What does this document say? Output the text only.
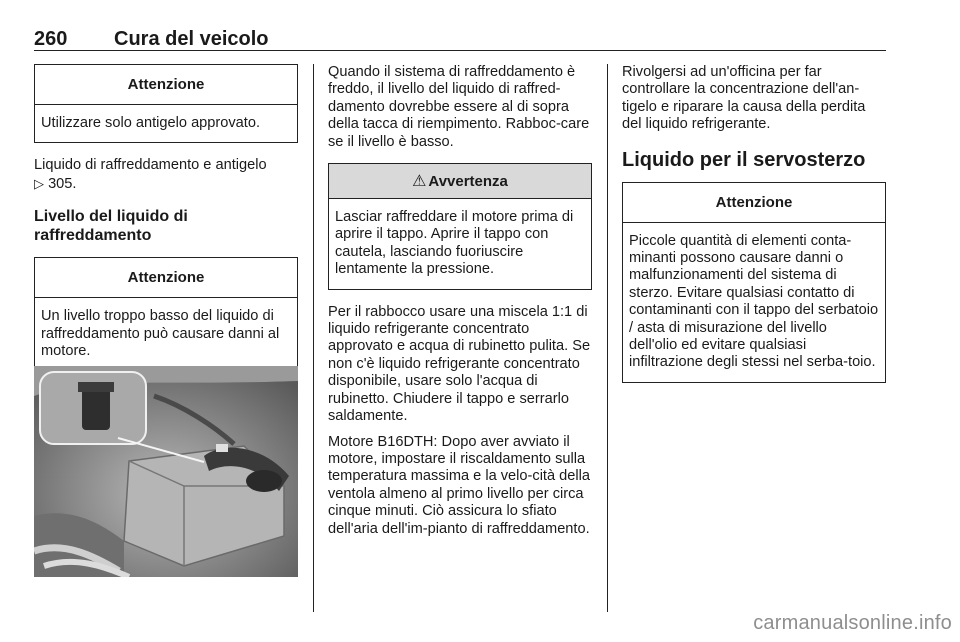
260 Cura del veicolo
Attenzione
Utilizzare solo antigelo approvato.

Liquido di raffreddamento e antigelo
▷ 305.

Livello del liquido di
raffreddamento
Attenzione
Un livello troppo basso del liquido di raffreddamento può causare danni al motore.

Quando il sistema di raffreddamento è freddo, il livello del liquido di raffred-damento dovrebbe essere al di sopra della tacca di riempimento. Rabboc-care se il livello è basso.

⚠ Avvertenza
Lasciar raffreddare il motore prima di aprire il tappo. Aprire il tappo con cautela, lasciando fuoriuscire lentamente la pressione.

Per il rabbocco usare una miscela 1:1 di liquido refrigerante concentrato approvato e acqua di rubinetto pulita. Se non c'è liquido refrigerante concentrato disponibile, usare solo l'acqua di rubinetto. Chiudere il tappo e serrarlo saldamente.

Motore B16DTH: Dopo aver avviato il motore, impostare il riscaldamento sulla temperatura massima e la velo-cità della ventola almeno al primo livello per circa cinque minuti. Ciò assicura lo sfiato dell'aria dell'im-pianto di raffreddamento.

Rivolgersi ad un'officina per far controllare la concentrazione dell'an-tigelo e riparare la causa della perdita del liquido refrigerante.

Liquido per il servosterzo
Attenzione
Piccole quantità di elementi conta-minanti possono causare danni o malfunzionamenti del sistema di sterzo. Evitare qualsiasi contatto di contaminanti con il tappo del serbatoio / asta di misurazione del livello dell'olio ed evitare qualsiasi infiltrazione degli stessi nel serba-toio.
carmanualsonline.info
